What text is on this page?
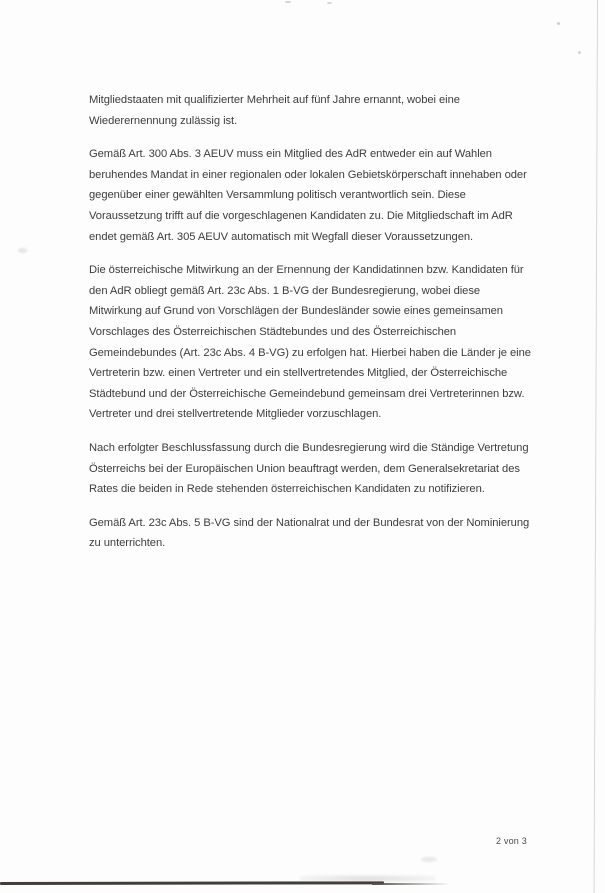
Mitgliedstaaten mit qualifizierter Mehrheit auf fünf Jahre ernannt, wobei eine
Wiederernennung zulässig ist.
Gemäß Art. 300 Abs. 3 AEUV muss ein Mitglied des AdR entweder ein auf Wahlen
beruhendes Mandat in einer regionalen oder lokalen Gebietskörperschaft innehaben oder
gegenüber einer gewählten Versammlung politisch verantwortlich sein. Diese
Voraussetzung trifft auf die vorgeschlagenen Kandidaten zu. Die Mitgliedschaft im AdR
endet gemäß Art. 305 AEUV automatisch mit Wegfall dieser Voraussetzungen.
Die österreichische Mitwirkung an der Ernennung der Kandidatinnen bzw. Kandidaten für
den AdR obliegt gemäß Art. 23c Abs. 1 B-VG der Bundesregierung, wobei diese
Mitwirkung auf Grund von Vorschlägen der Bundesländer sowie eines gemeinsamen
Vorschlages des Österreichischen Städtebundes und des Österreichischen
Gemeindebundes (Art. 23c Abs. 4 B-VG) zu erfolgen hat. Hierbei haben die Länder je eine
Vertreterin bzw. einen Vertreter und ein stellvertretendes Mitglied, der Österreichische
Städtebund und der Österreichische Gemeindebund gemeinsam drei Vertreterinnen bzw.
Vertreter und drei stellvertretende Mitglieder vorzuschlagen.
Nach erfolgter Beschlussfassung durch die Bundesregierung wird die Ständige Vertretung
Österreichs bei der Europäischen Union beauftragt werden, dem Generalsekretariat des
Rates die beiden in Rede stehenden österreichischen Kandidaten zu notifizieren.
Gemäß Art. 23c Abs. 5 B-VG sind der Nationalrat und der Bundesrat von der Nominierung
zu unterrichten.
2 von 3
